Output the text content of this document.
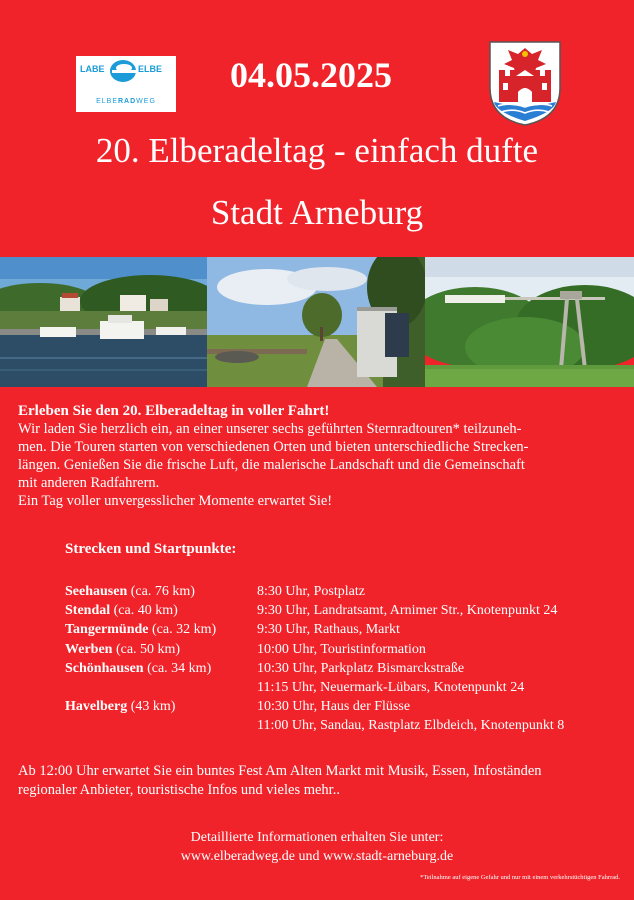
LABE	ELBE
ELBERADWEG
04.05.2025
20. Elberadeltag - einfach dufte
Stadt Arneburg
Erleben Sie den 20. Elberadeltag in voller Fahrt!
Wir laden Sie herzlich ein, an einer unserer sechs geführten Sternradtouren* teilzuneh-
men. Die Touren starten von verschiedenen Orten und bieten unterschiedliche Strecken-
längen. Genießen Sie die frische Luft, die malerische Landschaft und die Gemeinschaft
mit anderen Radfahrern.
Ein Tag voller unvergesslicher Momente erwartet Sie!
Strecken und Startpunkte:
Seehausen (ca. 76 km)	8:30 Uhr, Postplatz
Stendal (ca. 40 km)	9:30 Uhr, Landratsamt, Arnimer Str., Knotenpunkt 24
Tangermünde (ca. 32 km)	9:30 Uhr, Rathaus, Markt
Werben (ca. 50 km)	10:00 Uhr, Touristinformation
Schönhausen (ca. 34 km)	10:30 Uhr, Parkplatz Bismarckstraße
11:15 Uhr, Neuermark-Lübars, Knotenpunkt 24
Havelberg (43 km)	10:30 Uhr, Haus der Flüsse
11:00 Uhr, Sandau, Rastplatz Elbdeich, Knotenpunkt 8
Ab 12:00 Uhr erwartet Sie ein buntes Fest Am Alten Markt mit Musik, Essen, Infoständen
regionaler Anbieter, touristische Infos und vieles mehr..
Detaillierte Informationen erhalten Sie unter:
www.elberadweg.de und www.stadt-arneburg.de
*Teilnahme auf eigene Gefahr und nur mit einem verkehrstüchtigen Fahrrad.
